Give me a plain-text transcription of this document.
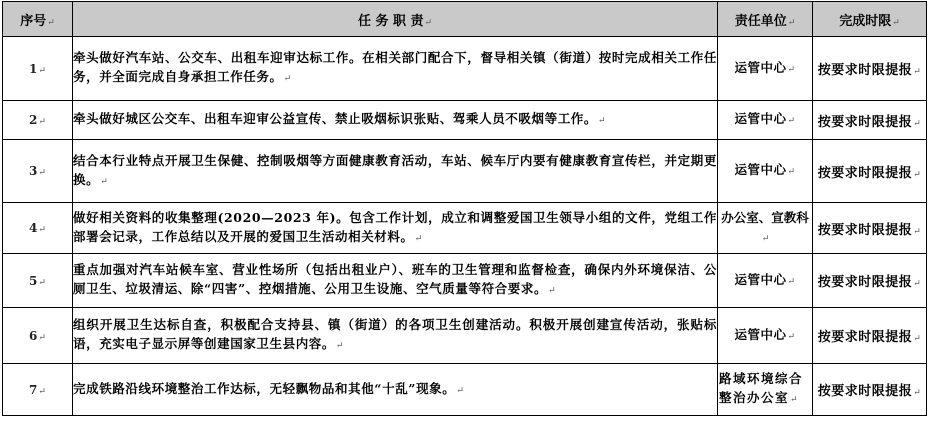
序号↵	任 务 职 责↵	责任单位↵	完成时限↵
1↵	牵头做好汽车站、公交车、出租车迎审达标工作。在相关部门配合下，督导相关镇（街道）按时完成相关工作任务，并全面完成自身承担工作任务。↵	运管中心↵	按要求时限提报↵
2↵	牵头做好城区公交车、出租车迎审公益宣传、禁止吸烟标识张贴、驾乘人员不吸烟等工作。↵	运管中心↵	按要求时限提报↵
3↵	结合本行业特点开展卫生保健、控制吸烟等方面健康教育活动，车站、候车厅内要有健康教育宣传栏，并定期更换。↵	运管中心↵	按要求时限提报↵
4↵	做好相关资料的收集整理(2020—2023 年)。包含工作计划，成立和调整爱国卫生领导小组的文件，党组工作部署会记录，工作总结以及开展的爱国卫生活动相关材料。↵	办公室、宣教科↵	按要求时限提报↵
5↵	重点加强对汽车站候车室、营业性场所（包括出租业户）、班车的卫生管理和监督检查，确保内外环境保洁、公厕卫生、垃圾清运、除“四害”、控烟措施、公用卫生设施、空气质量等符合要求。↵	运管中心↵	按要求时限提报↵
6↵	组织开展卫生达标自查，积极配合支持县、镇（街道）的各项卫生创建活动。积极开展创建宣传活动，张贴标语，充实电子显示屏等创建国家卫生县内容。↵	运管中心↵	按要求时限提报↵
7↵	完成铁路沿线环境整治工作达标，无轻飘物品和其他“十乱”现象。↵	路域环境综合整治办公室↵	按要求时限提报↵
